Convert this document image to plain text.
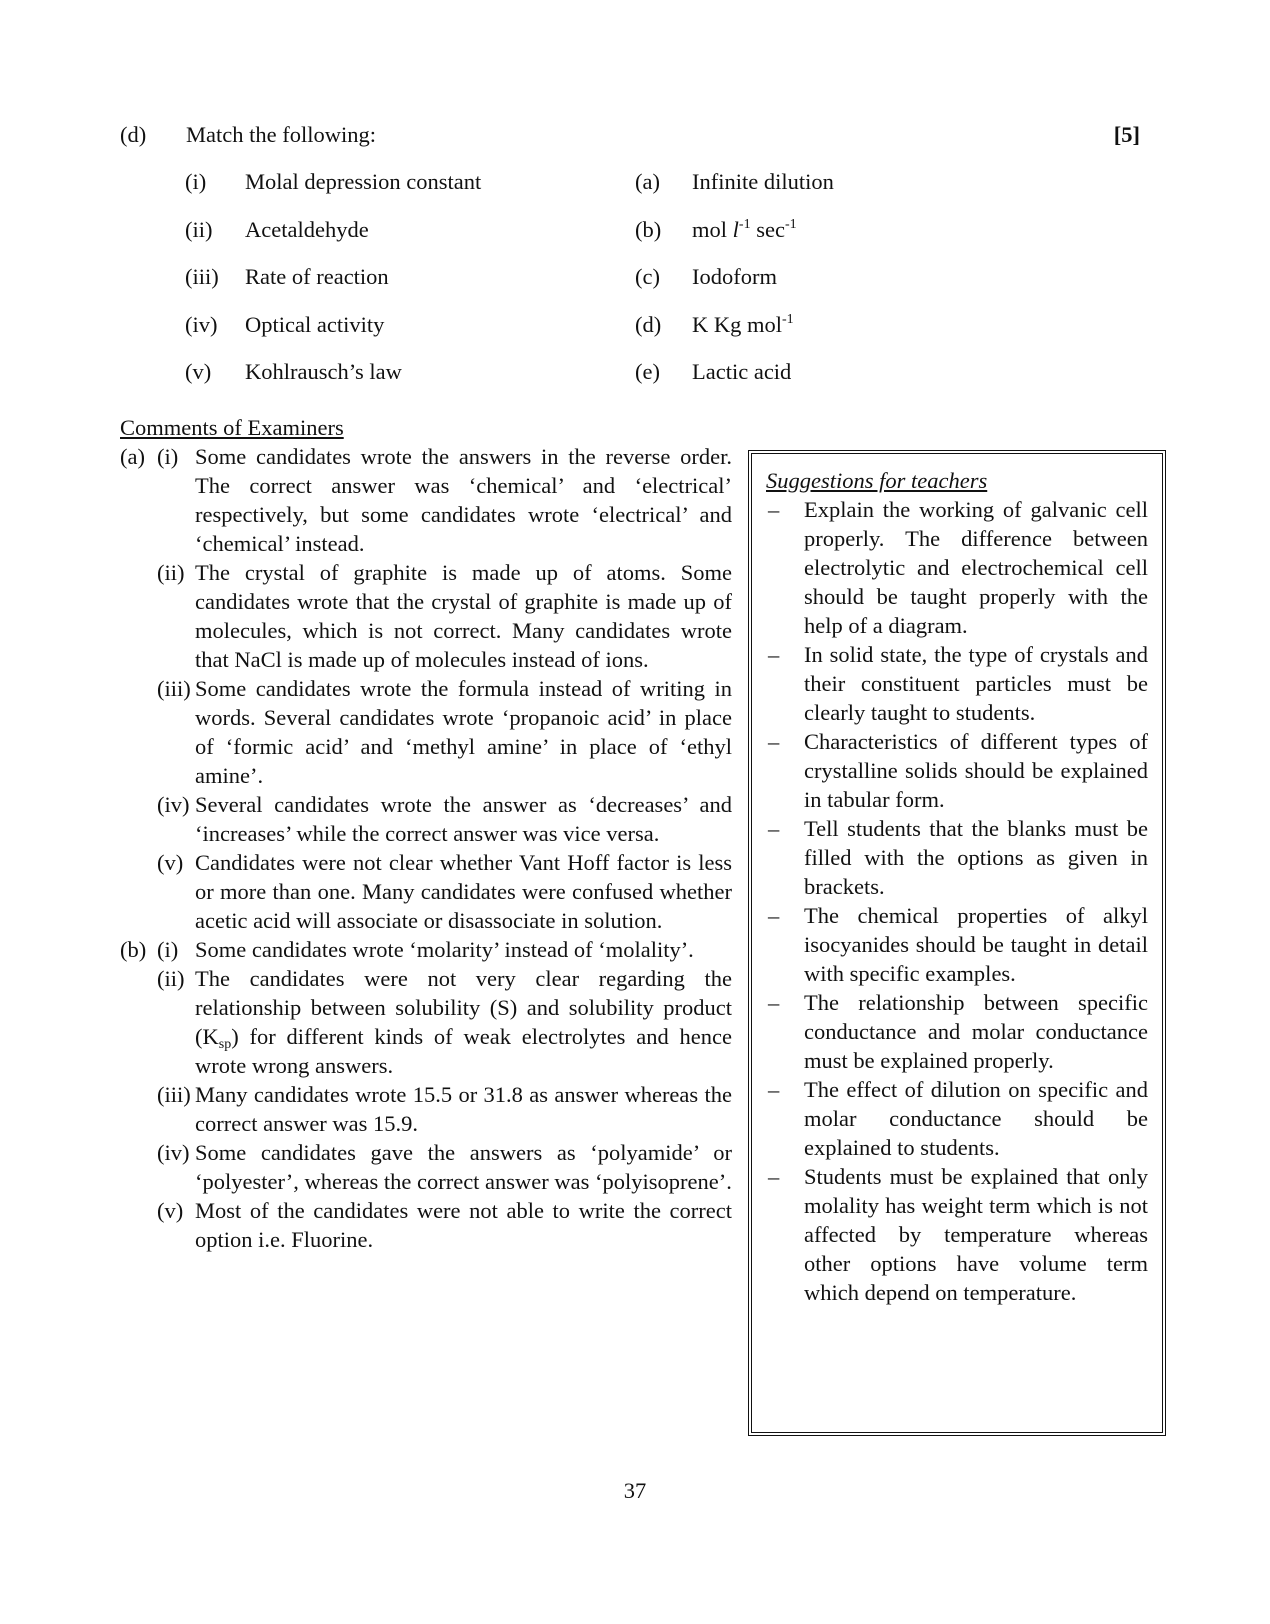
(d) Match the following:	[5]
(i) Molal depression constant	(a) Infinite dilution
(ii) Acetaldehyde	(b) mol $l^{-1}$ $\sec^{-1}$
(iii) Rate of reaction	(c) Iodoform
(iv) Optical activity	(d) K Kg mol$^{-1}$
(v) Kohlrausch’s law	(e) Lactic acid
Comments of Examiners
(a) (i) Some candidates wrote the answers in the reverse order. The correct answer was ‘chemical’ and ‘electrical’ respectively, but some candidates wrote ‘electrical’ and ‘chemical’ instead.
(ii) The crystal of graphite is made up of atoms. Some candidates wrote that the crystal of graphite is made up of molecules, which is not correct. Many candidates wrote that NaCl is made up of molecules instead of ions.
(iii) Some candidates wrote the formula instead of writing in words. Several candidates wrote ‘propanoic acid’ in place of ‘formic acid’ and ‘methyl amine’ in place of ‘ethyl amine’.
(iv) Several candidates wrote the answer as ‘decreases’ and ‘increases’ while the correct answer was vice versa.
(v) Candidates were not clear whether Vant Hoff factor is less or more than one. Many candidates were confused whether acetic acid will associate or disassociate in solution.
(b) (i) Some candidates wrote ‘molarity’ instead of ‘molality’.
(ii) The candidates were not very clear regarding the relationship between solubility (S) and solubility product $(K_{sp})$ for different kinds of weak electrolytes and hence wrote wrong answers.
(iii) Many candidates wrote 15.5 or 31.8 as answer whereas the correct answer was 15.9.
(iv) Some candidates gave the answers as ‘polyamide’ or ‘polyester’, whereas the correct answer was ‘polyisoprene’.
(v) Most of the candidates were not able to write the correct option i.e. Fluorine.
Suggestions for teachers
– Explain the working of galvanic cell properly. The difference between electrolytic and electrochemical cell should be taught properly with the help of a diagram.
– In solid state, the type of crystals and their constituent particles must be clearly taught to students.
– Characteristics of different types of crystalline solids should be explained in tabular form.
– Tell students that the blanks must be filled with the options as given in brackets.
– The chemical properties of alkyl isocyanides should be taught in detail with specific examples.
– The relationship between specific conductance and molar conductance must be explained properly.
– The effect of dilution on specific and molar conductance should be explained to students.
– Students must be explained that only molality has weight term which is not affected by temperature whereas other options have volume term which depend on temperature.
37
